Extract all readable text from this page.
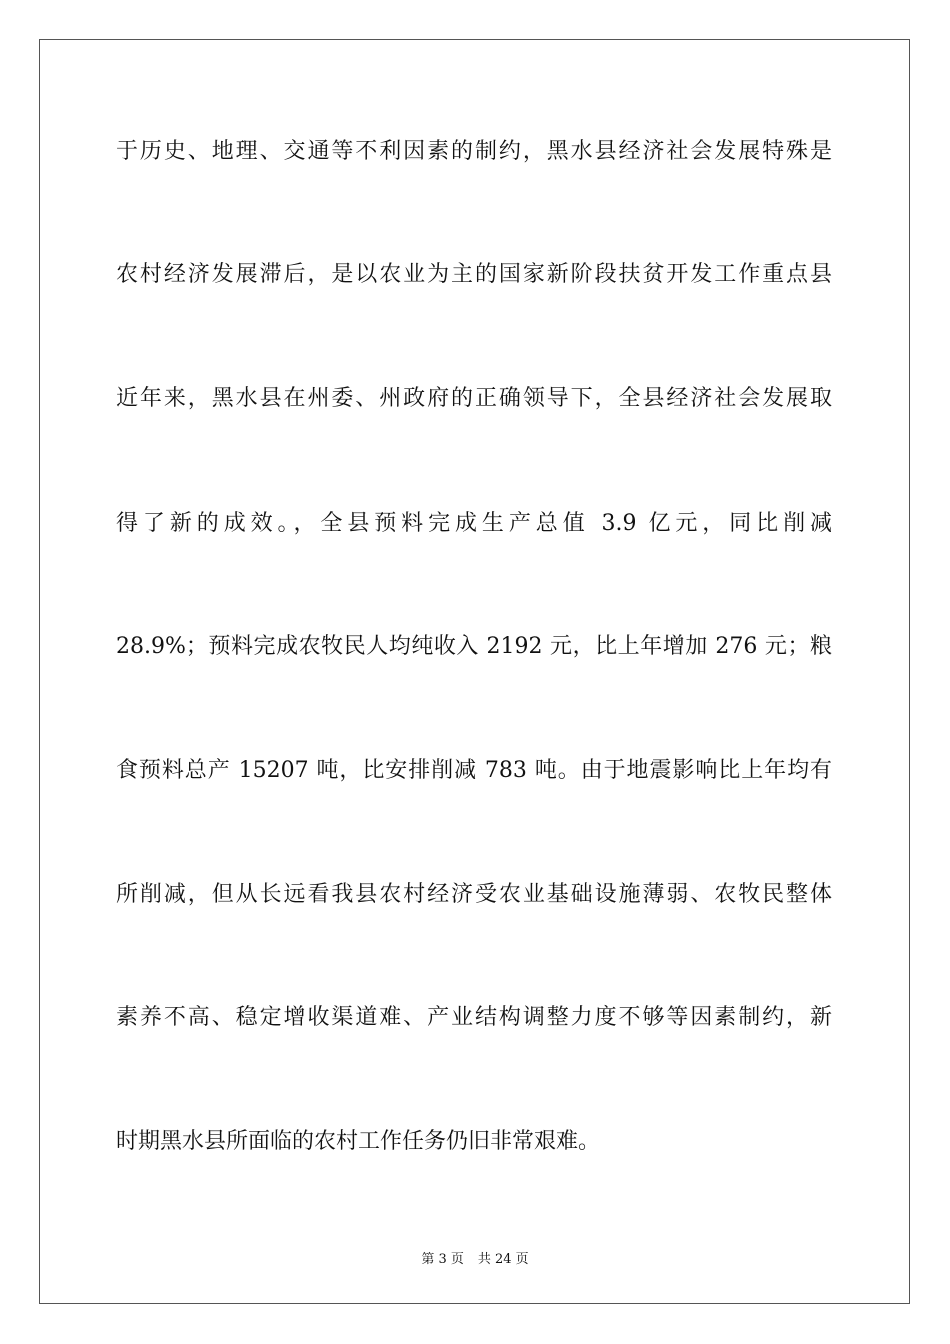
于历史、地理、交通等不利因素的制约，黑水县经济社会发展特殊是
农村经济发展滞后，是以农业为主的国家新阶段扶贫开发工作重点县
近年来，黑水县在州委、州政府的正确领导下，全县经济社会发展取
得了新的成效。，全县预料完成生产总值 3.9 亿元，同比削减
28.9%；预料完成农牧民人均纯收入 2192 元，比上年增加 276 元；粮
食预料总产 15207 吨，比安排削减 783 吨。由于地震影响比上年均有
所削减，但从长远看我县农村经济受农业基础设施薄弱、农牧民整体
素养不高、稳定增收渠道难、产业结构调整力度不够等因素制约，新
时期黑水县所面临的农村工作任务仍旧非常艰难。
第 3 页 共 24 页
